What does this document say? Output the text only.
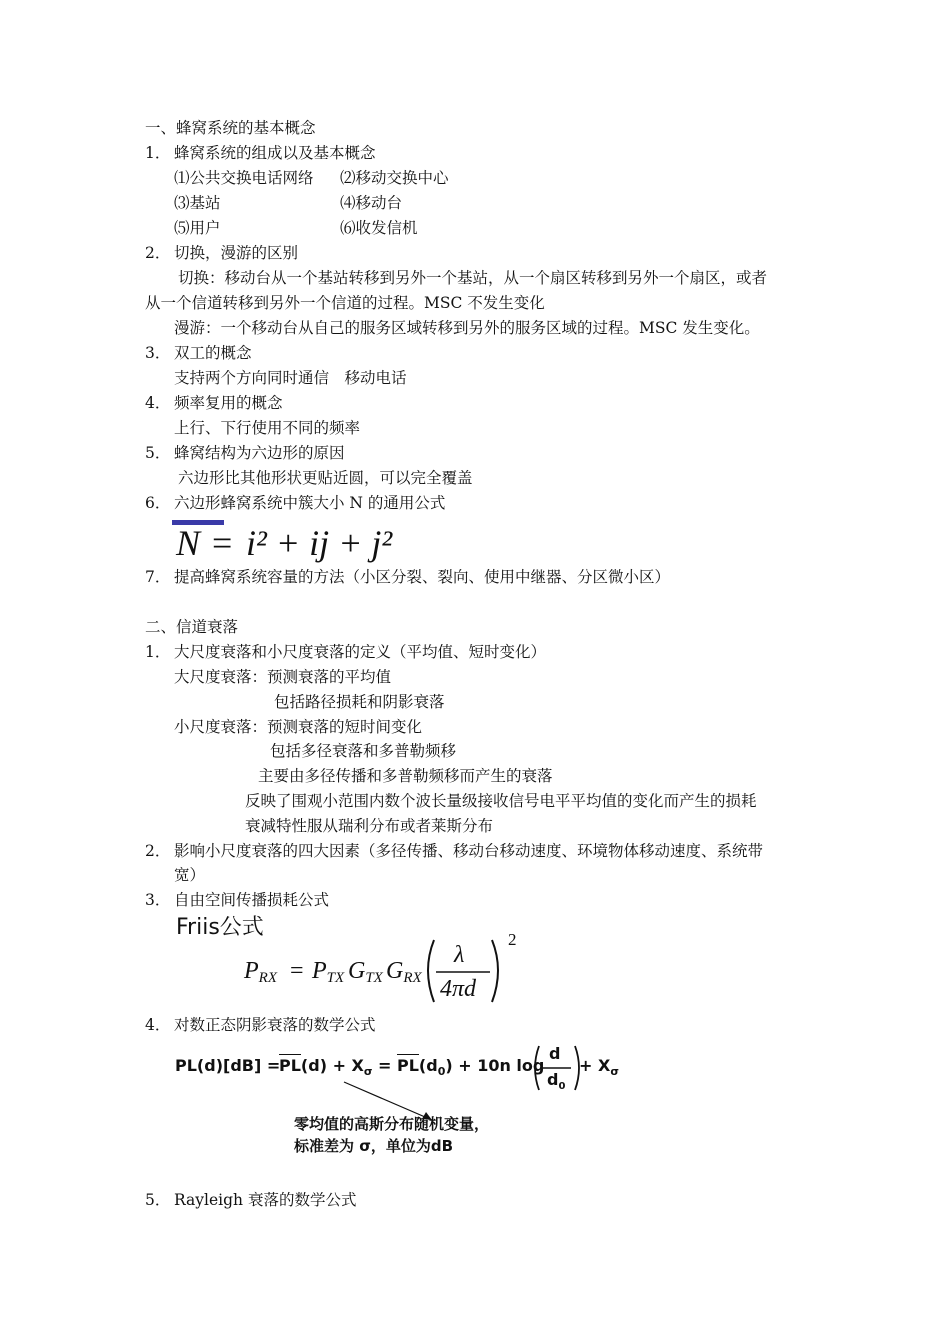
一、蜂窝系统的基本概念
1． 蜂窝系统的组成以及基本概念
⑴公共交换电话网络 ⑵移动交换中心
⑶基站	⑷移动台
⑸用户	⑹收发信机
2． 切换，漫游的区别
切换：移动台从一个基站转移到另外一个基站，从一个扇区转移到另外一个扇区，或者
从一个信道转移到另外一个信道的过程。MSC 不发生变化
漫游：一个移动台从自己的服务区域转移到另外的服务区域的过程。MSC 发生变化。
3． 双工的概念
支持两个方向同时通信　移动电话
4． 频率复用的概念
上行、下行使用不同的频率
5． 蜂窝结构为六边形的原因
六边形比其他形状更贴近圆，可以完全覆盖
6． 六边形蜂窝系统中簇大小 N 的通用公式
N = i² + ij + j²
7． 提高蜂窝系统容量的方法（小区分裂、裂向、使用中继器、分区微小区）
二、信道衰落
1． 大尺度衰落和小尺度衰落的定义（平均值、短时变化）
大尺度衰落：预测衰落的平均值
包括路径损耗和阴影衰落
小尺度衰落：预测衰落的短时间变化
包括多径衰落和多普勒频移
主要由多径传播和多普勒频移而产生的衰落
反映了围观小范围内数个波长量级接收信号电平平均值的变化而产生的损耗
衰减特性服从瑞利分布或者莱斯分布
2． 影响小尺度衰落的四大因素（多径传播、移动台移动速度、环境物体移动速度、系统带
宽）
3． 自由空间传播损耗公式
Friis公式
$P_{RX} = P_{TX}$ $G_{TX}$ $G_{RX}$
λ
4πd
2
4． 对数正态阴影衰落的数学公式
PL(d)[dB] =
$PL(d) + X_\sigma = PL(d_0) + 10n$ log
d
$d_0$
+ $X_\sigma$
零均值的高斯分布随机变量，
标准差为 σ，单位为dB
5． Rayleigh 衰落的数学公式
